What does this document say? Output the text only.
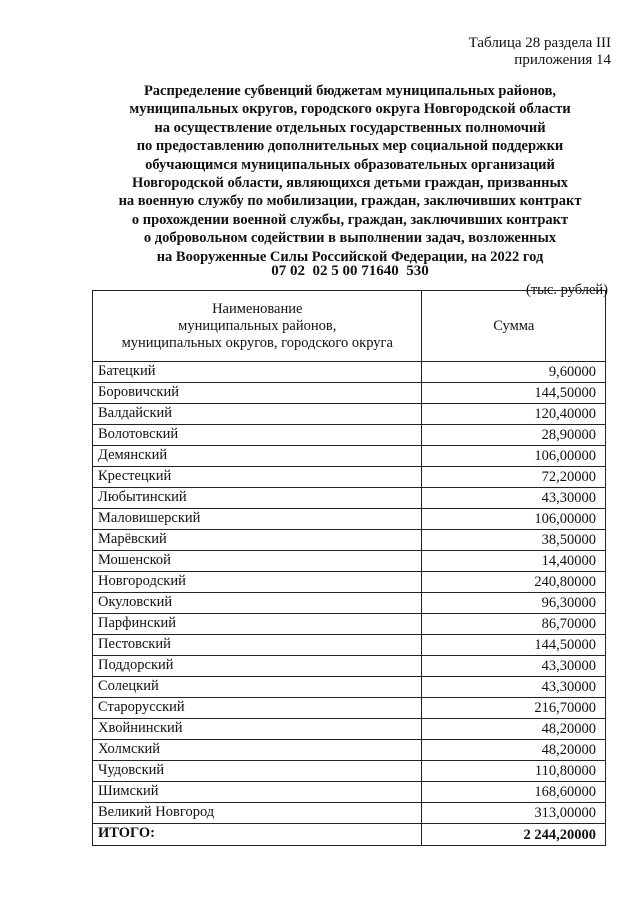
Таблица 28 раздела III
приложения 14
Распределение субвенций бюджетам муниципальных районов,
муниципальных округов, городского округа Новгородской области
на осуществление отдельных государственных полномочий
по предоставлению дополнительных мер социальной поддержки
обучающимся муниципальных образовательных организаций
Новгородской области, являющихся детьми граждан, призванных
на военную службу по мобилизации, граждан, заключивших контракт
о прохождении военной службы, граждан, заключивших контракт
о добровольном содействии в выполнении задач, возложенных
на Вооруженные Силы Российской Федерации, на 2022 год
07 02  02 5 00 71640  530
(тыс. рублей)
Наименование
муниципальных районов,
муниципальных округов, городского округа	Сумма
Батецкий	9,60000
Боровичский	144,50000
Валдайский	120,40000
Волотовский	28,90000
Демянский	106,00000
Крестецкий	72,20000
Любытинский	43,30000
Маловишерский	106,00000
Марёвский	38,50000
Мошенской	14,40000
Новгородский	240,80000
Окуловский	96,30000
Парфинский	86,70000
Пестовский	144,50000
Поддорский	43,30000
Солецкий	43,30000
Старорусский	216,70000
Хвойнинский	48,20000
Холмский	48,20000
Чудовский	110,80000
Шимский	168,60000
Великий Новгород	313,00000
ИТОГО:	2 244,20000
